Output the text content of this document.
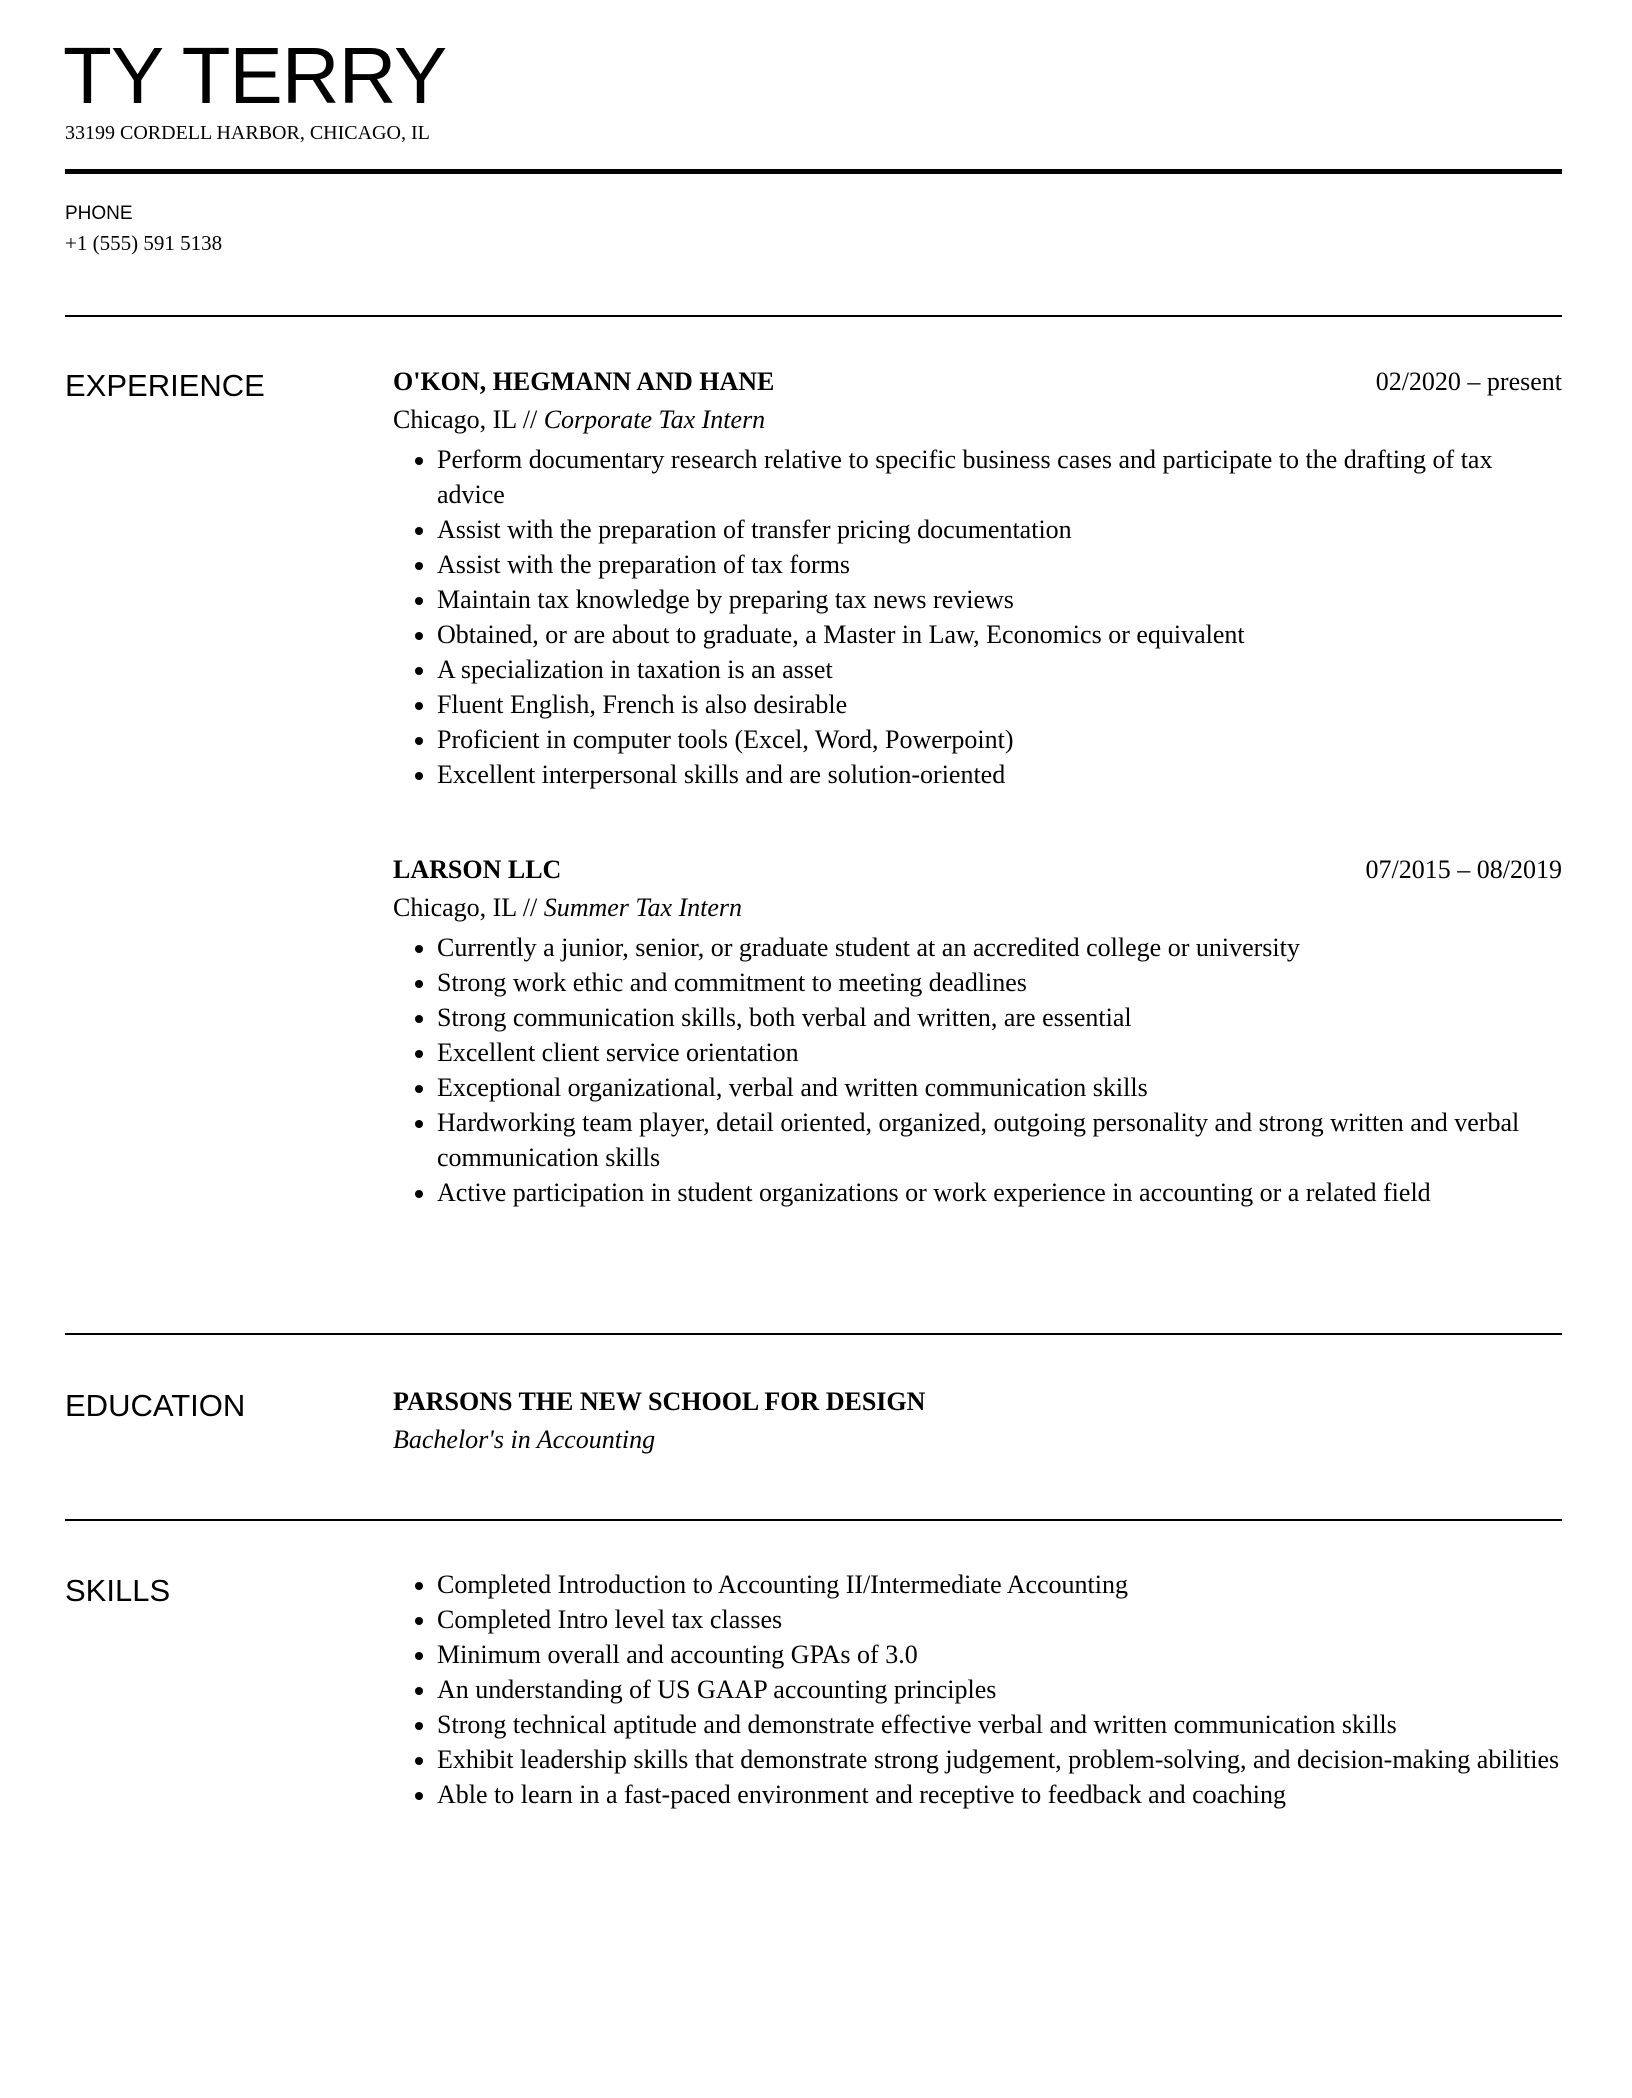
TY TERRY
33199 CORDELL HARBOR, CHICAGO, IL
PHONE
+1 (555) 591 5138
EXPERIENCE	O'KON, HEGMANN AND HANE	02/2020 – present
Chicago, IL // Corporate Tax Intern
• Perform documentary research relative to specific business cases and participate to the drafting of tax advice
• Assist with the preparation of transfer pricing documentation
• Assist with the preparation of tax forms
• Maintain tax knowledge by preparing tax news reviews
• Obtained, or are about to graduate, a Master in Law, Economics or equivalent
• A specialization in taxation is an asset
• Fluent English, French is also desirable
• Proficient in computer tools (Excel, Word, Powerpoint)
• Excellent interpersonal skills and are solution-oriented
LARSON LLC	07/2015 – 08/2019
Chicago, IL // Summer Tax Intern
• Currently a junior, senior, or graduate student at an accredited college or university
• Strong work ethic and commitment to meeting deadlines
• Strong communication skills, both verbal and written, are essential
• Excellent client service orientation
• Exceptional organizational, verbal and written communication skills
• Hardworking team player, detail oriented, organized, outgoing personality and strong written and verbal communication skills
• Active participation in student organizations or work experience in accounting or a related field
EDUCATION	PARSONS THE NEW SCHOOL FOR DESIGN
Bachelor's in Accounting
SKILLS	• Completed Introduction to Accounting II/Intermediate Accounting
• Completed Intro level tax classes
• Minimum overall and accounting GPAs of 3.0
• An understanding of US GAAP accounting principles
• Strong technical aptitude and demonstrate effective verbal and written communication skills
• Exhibit leadership skills that demonstrate strong judgement, problem-solving, and decision-making abilities
• Able to learn in a fast-paced environment and receptive to feedback and coaching
